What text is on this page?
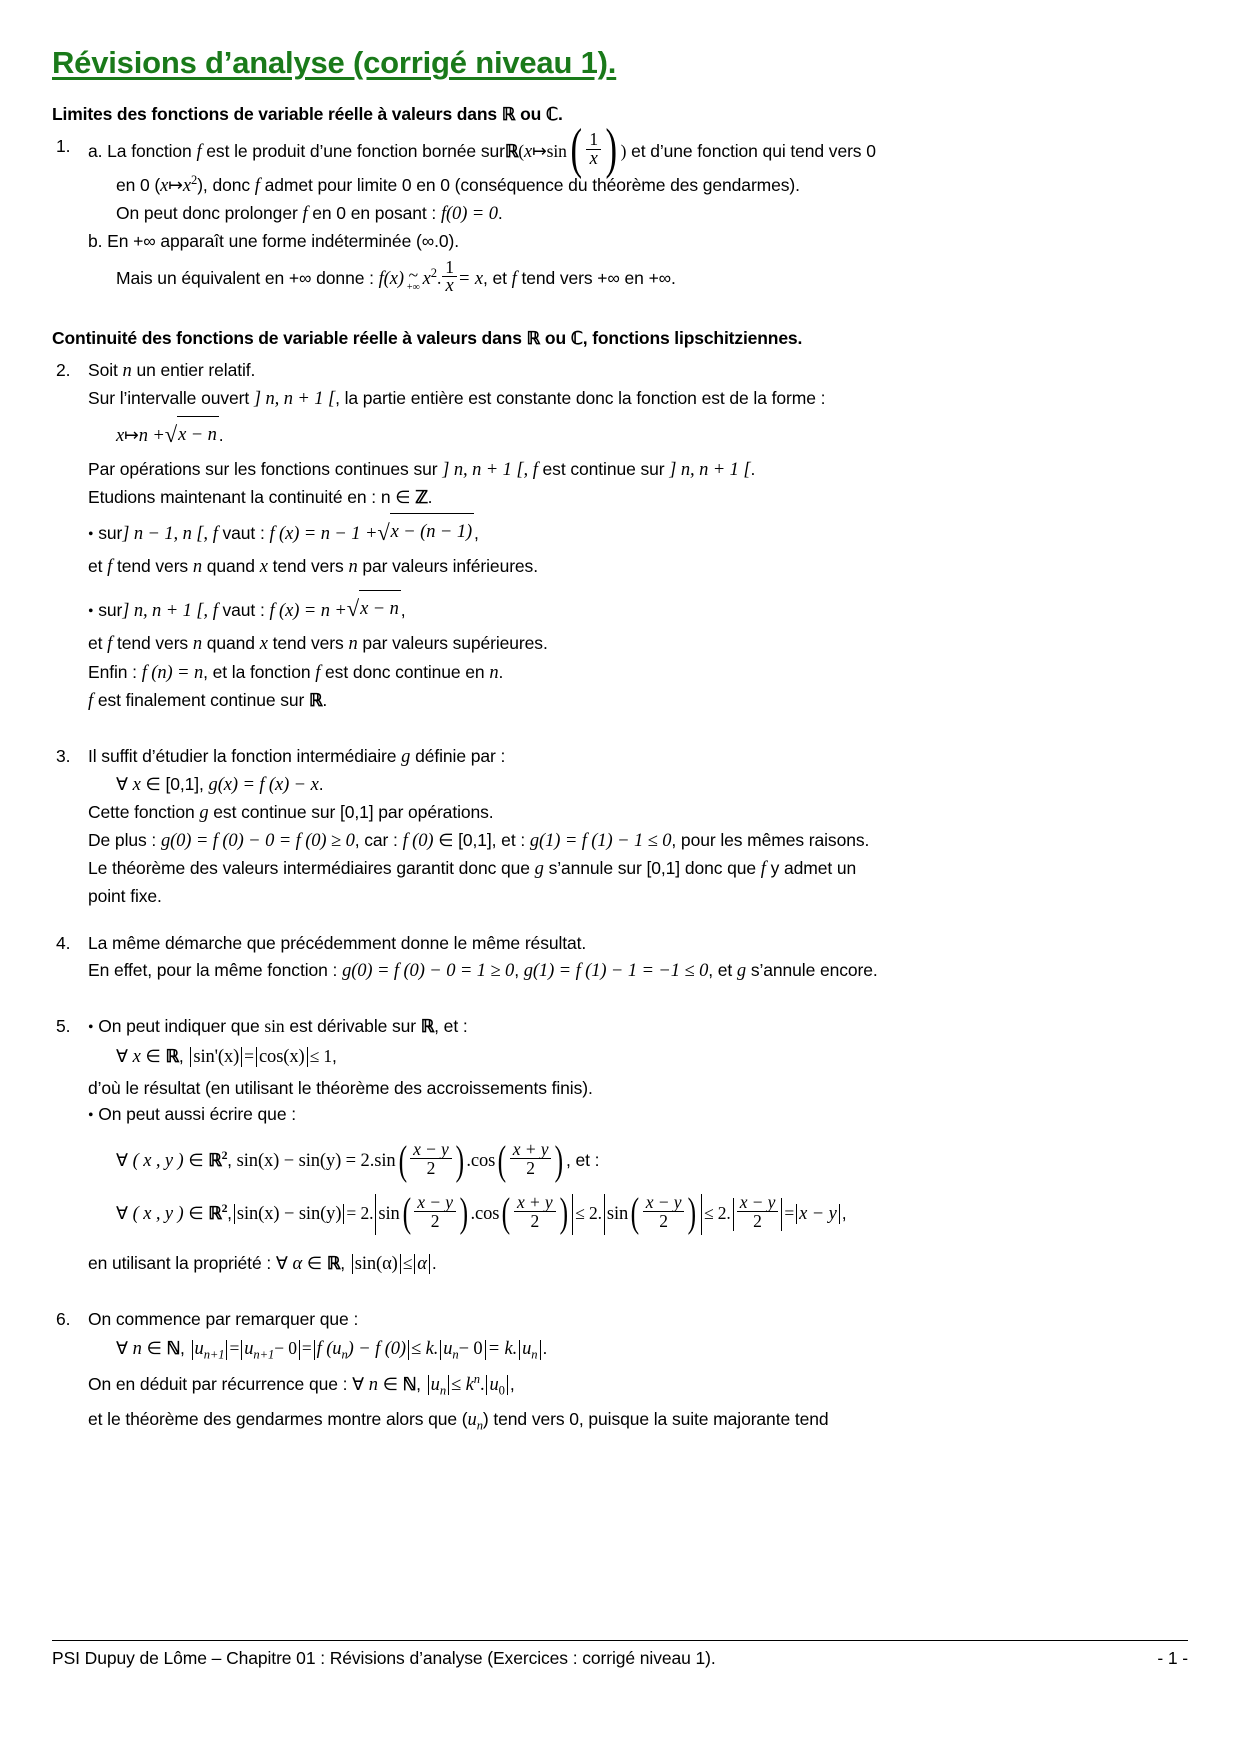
Révisions d’analyse (corrigé niveau 1).
Limites des fonctions de variable réelle à valeurs dans ℝ ou ℂ.
1. a. La fonction f est le produit d’une fonction bornée surℝ(x↦sin( $\frac{1}{x}$ ) ) et d’une fonction qui tend vers 0
en 0 $(x↦x^2)$, donc f admet pour limite 0 en 0 (conséquence du théorème des gendarmes).
On peut donc prolonger f en 0 en posant : f(0) = 0.
b. En +∞ apparaît une forme indéterminée (∞.0).
Mais un équivalent en +∞ donne : f(x) ~
+∞ $x^2$. $\frac{1}{x} = x$, et f tend vers +∞ en +∞.
Continuité des fonctions de variable réelle à valeurs dans ℝ ou ℂ, fonctions lipschitziennes.
2. Soit n un entier relatif.
Sur l’intervalle ouvert ] n, n + 1 [, la partie entière est constante donc la fonction est de la forme :
x↦n +√x − n .
Par opérations sur les fonctions continues sur ] n, n + 1 [, f est continue sur ] n, n + 1 [.
Etudions maintenant la continuité en : n ∈ ℤ.
• sur] n − 1, n [, f vaut : f (x) = n − 1 +√x − (n − 1) ,
et f tend vers n quand x tend vers n par valeurs inférieures.
• sur] n, n + 1 [, f vaut : f (x) = n +√x − n ,
et f tend vers n quand x tend vers n par valeurs supérieures.
Enfin : f (n) = n, et la fonction f est donc continue en n.
f est finalement continue sur ℝ.
3. Il suffit d’étudier la fonction intermédiaire g définie par :
∀ x ∈ [0,1], g(x) = f (x) − x.
Cette fonction g est continue sur [0,1] par opérations.
De plus : g(0) = f (0) − 0 = f (0) ≥ 0, car : f (0) ∈ [0,1], et : g(1) = f (1) − 1 ≤ 0, pour les mêmes raisons.
Le théorème des valeurs intermédiaires garantit donc que g s’annule sur [0,1] donc que f y admet un
point fixe.
4. La même démarche que précédemment donne le même résultat.
En effet, pour la même fonction : g(0) = f (0) − 0 = 1 ≥ 0, g(1) = f (1) − 1 = −1 ≤ 0, et g s’annule encore.
5. • On peut indiquer que sin est dérivable sur ℝ, et :
∀ x ∈ ℝ, sin'(x) = cos(x) ≤ 1,
d’où le résultat (en utilisant le théorème des accroissements finis).
• On peut aussi écrire que :
∀ ( x , y ) ∈ ℝ$^2$, $\sin(x) - \sin(y) = 2.\sin( \frac{x - y}{2}$ ) $.\cos( \frac{x + y}{2}$ ) , et :
∀ ( x , y ) ∈ ℝ$^2$, sin(x) − sin(y) = 2. $\sin( \frac{x - y}{2}$ ) $.\cos( \frac{x + y}{2}$ ) ≤ 2. $\sin( \frac{x - y}{2}$ ) ≤ 2. $\frac{x - y}{2} = x - y$ ,
en utilisant la propriété : ∀ α ∈ ℝ, sin(α) ≤ α .
6. On commence par remarquer que :
∀ n ∈ ℕ, $u_{n+1} = u_{n+1}- 0 = f$ $(u_n) - f$ (0) ≤ k. $u_n- 0 = k$. $u_n$ .
On en déduit par récurrence que : ∀ n ∈ ℕ, $u_n \le k^n$. $u_0$ ,
et le théorème des gendarmes montre alors que $(u_n)$ tend vers 0, puisque la suite majorante tend
PSI Dupuy de Lôme – Chapitre 01 : Révisions d’analyse (Exercices : corrigé niveau 1).	- 1 -
